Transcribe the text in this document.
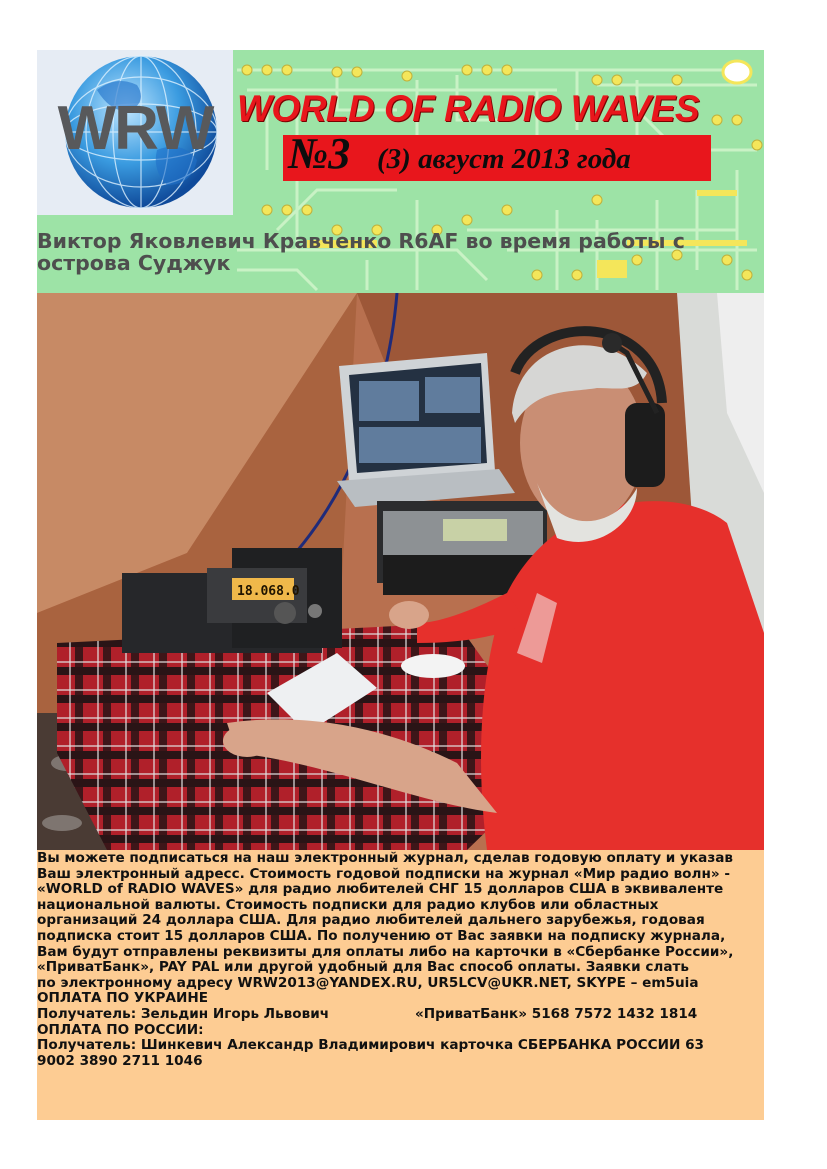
WRW WORLD OF RADIO WAVES
№3 (3) август 2013 года
Виктор Яковлевич Кравченко R6AF во время работы с острова Суджук
18.068.0
Вы можете подписаться на наш электронный журнал, сделав годовую оплату и указав
Ваш электронный адресс. Стоимость годовой подписки на журнал «Мир радио волн» -
«WORLD of RADIO WAVES» для радио любителей СНГ 15 долларов США в эквиваленте
национальной валюты. Стоимость подписки для радио клубов или областных
организаций 24 доллара США. Для радио любителей дальнего зарубежья, годовая
подписка стоит 15 долларов США. По получению от Вас заявки на подписку журнала,
Вам будут отправлены реквизиты для оплаты либо на карточки в «Сбербанке России»,
«ПриватБанк», PAY PAL или другой удобный для Вас способ оплаты. Заявки слать
по электронному адресу WRW2013@YANDEX.RU, UR5LCV@UKR.NET, SKYPE – em5uia
ОПЛАТА ПО УКРАИНЕ
Получатель: Зельдин Игорь Львович	«ПриватБанк» 5168 7572 1432 1814
ОПЛАТА ПО РОССИИ:
Получатель: Шинкевич Александр Владимирович карточка СБЕРБАНКА РОССИИ 63
9002 3890 2711 1046
